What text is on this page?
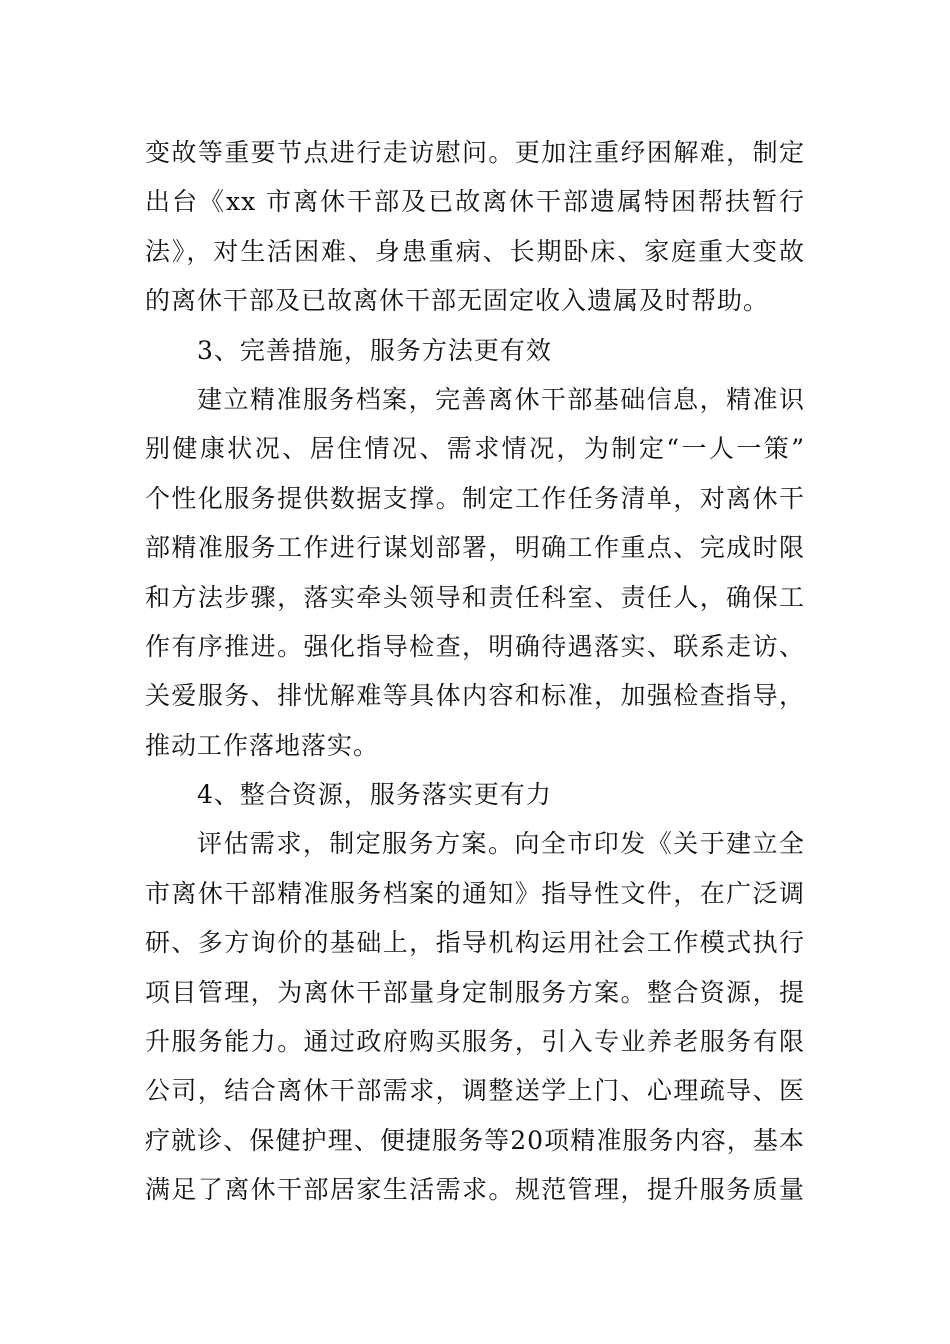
变故等重要节点进行走访慰问。更加注重纾困解难，制定
出台《xx 市离休干部及已故离休干部遗属特困帮扶暂行
法》，对生活困难、身患重病、长期卧床、家庭重大变故
的离休干部及已故离休干部无固定收入遗属及时帮助。
3、完善措施，服务方法更有效
建立精准服务档案，完善离休干部基础信息，精准识
别健康状况、居住情况、需求情况，为制定“一人一策”
个性化服务提供数据支撑。制定工作任务清单，对离休干
部精准服务工作进行谋划部署，明确工作重点、完成时限
和方法步骤，落实牵头领导和责任科室、责任人，确保工
作有序推进。强化指导检查，明确待遇落实、联系走访、
关爱服务、排忧解难等具体内容和标准，加强检查指导，
推动工作落地落实。
4、整合资源，服务落实更有力
评估需求，制定服务方案。向全市印发《关于建立全
市离休干部精准服务档案的通知》指导性文件，在广泛调
研、多方询价的基础上，指导机构运用社会工作模式执行
项目管理，为离休干部量身定制服务方案。整合资源，提
升服务能力。通过政府购买服务，引入专业养老服务有限
公司，结合离休干部需求，调整送学上门、心理疏导、医
疗就诊、保健护理、便捷服务等20项精准服务内容，基本
满足了离休干部居家生活需求。规范管理，提升服务质量
